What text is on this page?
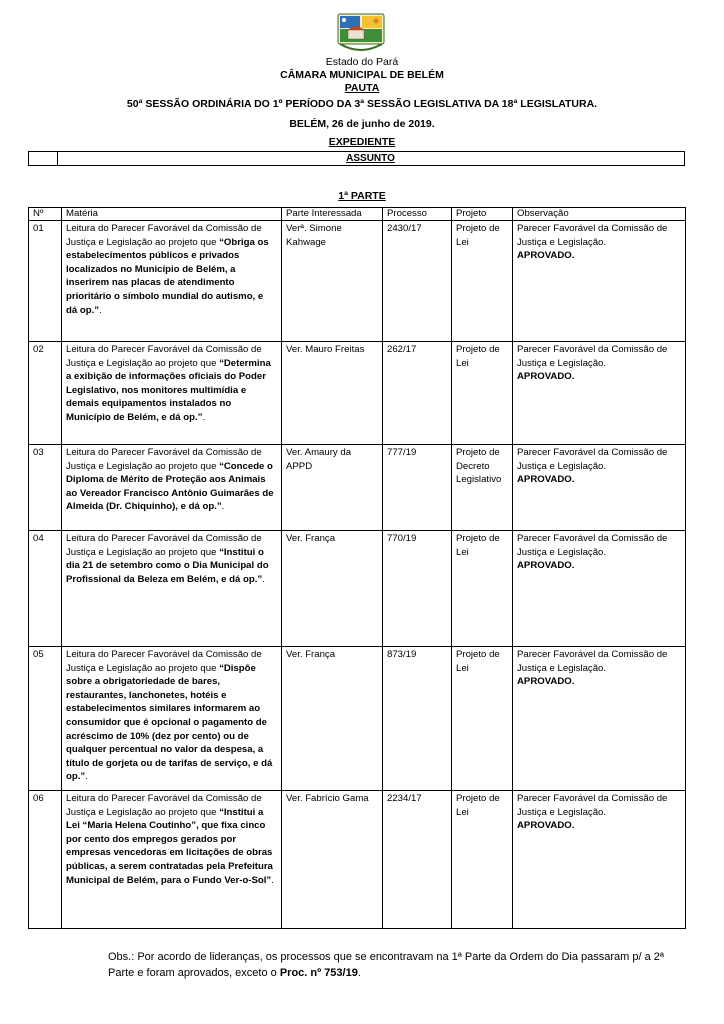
Estado do Pará
CÂMARA MUNICIPAL DE BELÉM
PAUTA
50ª SESSÃO ORDINÁRIA DO 1º PERÍODO DA 3ª SESSÃO LEGISLATIVA DA 18ª LEGISLATURA.
BELÉM, 26 de junho de 2019.
EXPEDIENTE
ASSUNTO
1ª PARTE
Nº	Matéria	Parte Interessada	Processo	Projeto	Observação
01	Leitura do Parecer Favorável da Comissão de Justiça e Legislação ao projeto que “Obriga os estabelecimentos públicos e privados localizados no Município de Belém, a inserirem nas placas de atendimento prioritário o símbolo mundial do autismo, e dá op.”.	Verª. Simone Kahwage	2430/17	Projeto de Lei	Parecer Favorável da Comissão de Justiça e Legislação.
APROVADO.
02	Leitura do Parecer Favorável da Comissão de Justiça e Legislação ao projeto que “Determina a exibição de informações oficiais do Poder Legislativo, nos monitores multimídia e demais equipamentos instalados no Município de Belém, e dá op.”.	Ver. Mauro Freitas	262/17	Projeto de Lei	Parecer Favorável da Comissão de Justiça e Legislação.
APROVADO.
03	Leitura do Parecer Favorável da Comissão de Justiça e Legislação ao projeto que “Concede o Diploma de Mérito de Proteção aos Animais ao Vereador Francisco Antônio Guimarães de Almeida (Dr. Chiquinho), e dá op.”.	Ver. Amaury da APPD	777/19	Projeto de Decreto Legislativo	Parecer Favorável da Comissão de Justiça e Legislação.
APROVADO.
04	Leitura do Parecer Favorável da Comissão de Justiça e Legislação ao projeto que “Institui o dia 21 de setembro como o Dia Municipal do Profissional da Beleza em Belém, e dá op.”.	Ver. França	770/19	Projeto de Lei	Parecer Favorável da Comissão de Justiça e Legislação.
APROVADO.
05	Leitura do Parecer Favorável da Comissão de Justiça e Legislação ao projeto que “Dispõe sobre a obrigatoriedade de bares, restaurantes, lanchonetes, hotéis e estabelecimentos similares informarem ao consumidor que é opcional o pagamento de acréscimo de 10% (dez por cento) ou de qualquer percentual no valor da despesa, a título de gorjeta ou de tarifas de serviço, e dá op.”.	Ver. França	873/19	Projeto de Lei	Parecer Favorável da Comissão de Justiça e Legislação.
APROVADO.
06	Leitura do Parecer Favorável da Comissão de Justiça e Legislação ao projeto que “Institui a Lei “Maria Helena Coutinho”, que fixa cinco por cento dos empregos gerados por empresas vencedoras em licitações de obras públicas, a serem contratadas pela Prefeitura Municipal de Belém, para o Fundo Ver-o-Sol”.	Ver. Fabrício Gama	2234/17	Projeto de Lei	Parecer Favorável da Comissão de Justiça e Legislação.
APROVADO.
Obs.: Por acordo de lideranças, os processos que se encontravam na 1ª Parte da Ordem do Dia passaram p/ a 2ª Parte e foram aprovados, exceto o Proc. nº 753/19.
